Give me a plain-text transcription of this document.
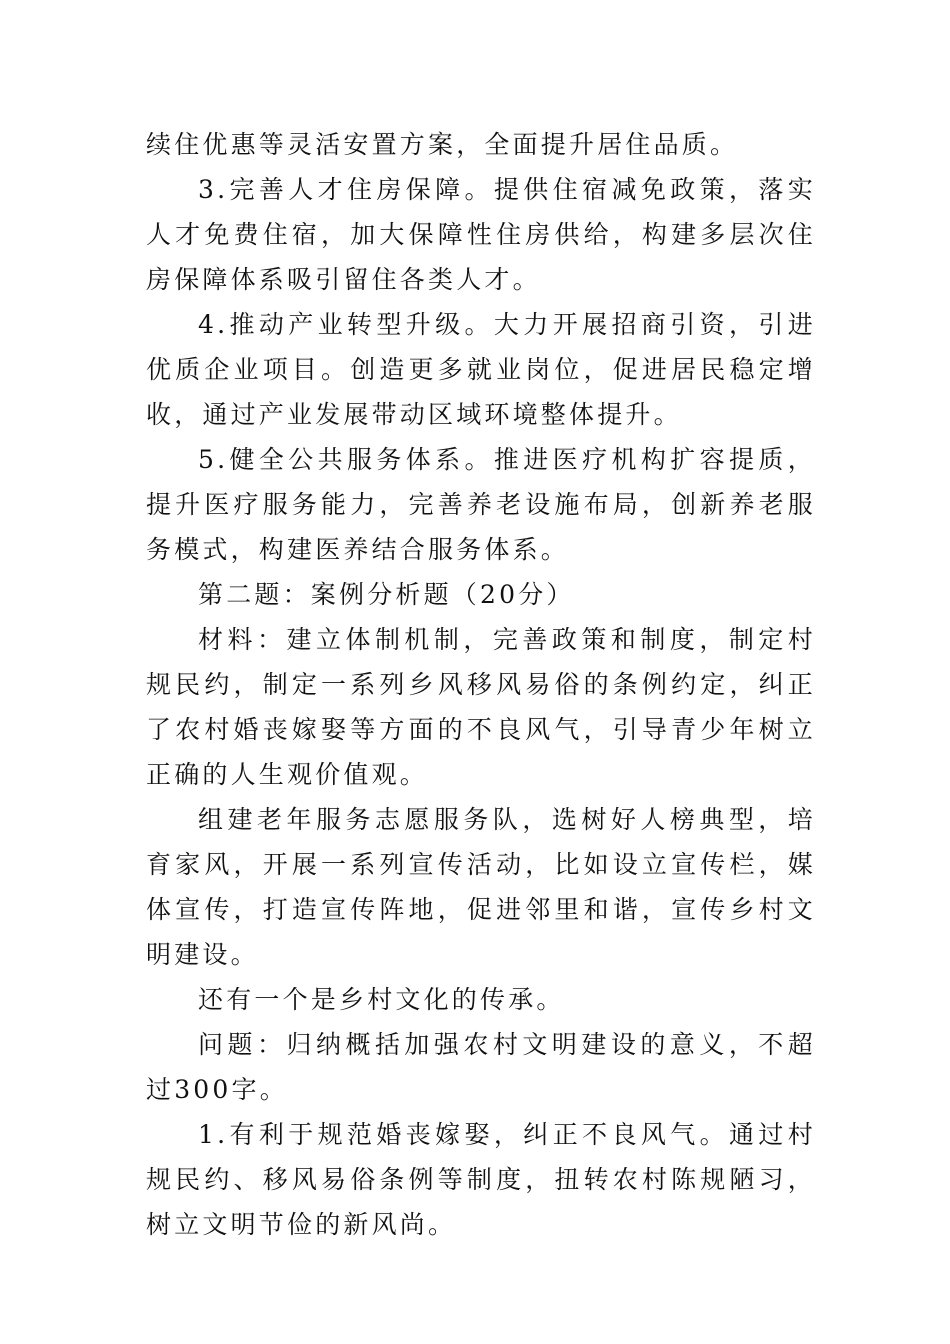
续住优惠等灵活安置方案，全面提升居住品质。

3.完善人才住房保障。提供住宿减免政策，落实人才免费住宿，加大保障性住房供给，构建多层次住房保障体系吸引留住各类人才。

4.推动产业转型升级。大力开展招商引资，引进优质企业项目。创造更多就业岗位，促进居民稳定增收，通过产业发展带动区域环境整体提升。

5.健全公共服务体系。推进医疗机构扩容提质，提升医疗服务能力，完善养老设施布局，创新养老服务模式，构建医养结合服务体系。

第二题：案例分析题（20分）

材料：建立体制机制，完善政策和制度，制定村规民约，制定一系列乡风移风易俗的条例约定，纠正了农村婚丧嫁娶等方面的不良风气，引导青少年树立正确的人生观价值观。

组建老年服务志愿服务队，选树好人榜典型，培育家风，开展一系列宣传活动，比如设立宣传栏，媒体宣传，打造宣传阵地，促进邻里和谐，宣传乡村文明建设。

还有一个是乡村文化的传承。

问题：归纳概括加强农村文明建设的意义，不超过300字。

1.有利于规范婚丧嫁娶，纠正不良风气。通过村规民约、移风易俗条例等制度，扭转农村陈规陋习，树立文明节俭的新风尚。
